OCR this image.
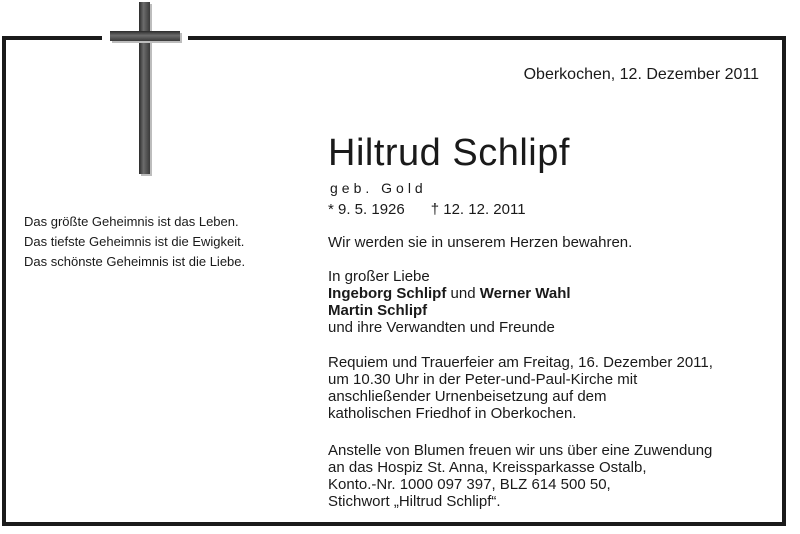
Oberkochen, 12. Dezember 2011
Das größte Geheimnis ist das Leben.
Das tiefste Geheimnis ist die Ewigkeit.
Das schönste Geheimnis ist die Liebe.
Hiltrud Schlipf
geb. Gold
* 9. 5. 1926 † 12. 12. 2011
Wir werden sie in unserem Herzen bewahren.
In großer Liebe
Ingeborg Schlipf und Werner Wahl
Martin Schlipf
und ihre Verwandten und Freunde
Requiem und Trauerfeier am Freitag, 16. Dezember 2011,
um 10.30 Uhr in der Peter-und-Paul-Kirche mit
anschließender Urnenbeisetzung auf dem
katholischen Friedhof in Oberkochen.
Anstelle von Blumen freuen wir uns über eine Zuwendung
an das Hospiz St. Anna, Kreissparkasse Ostalb,
Konto.-Nr. 1000 097 397, BLZ 614 500 50,
Stichwort „Hiltrud Schlipf“.
